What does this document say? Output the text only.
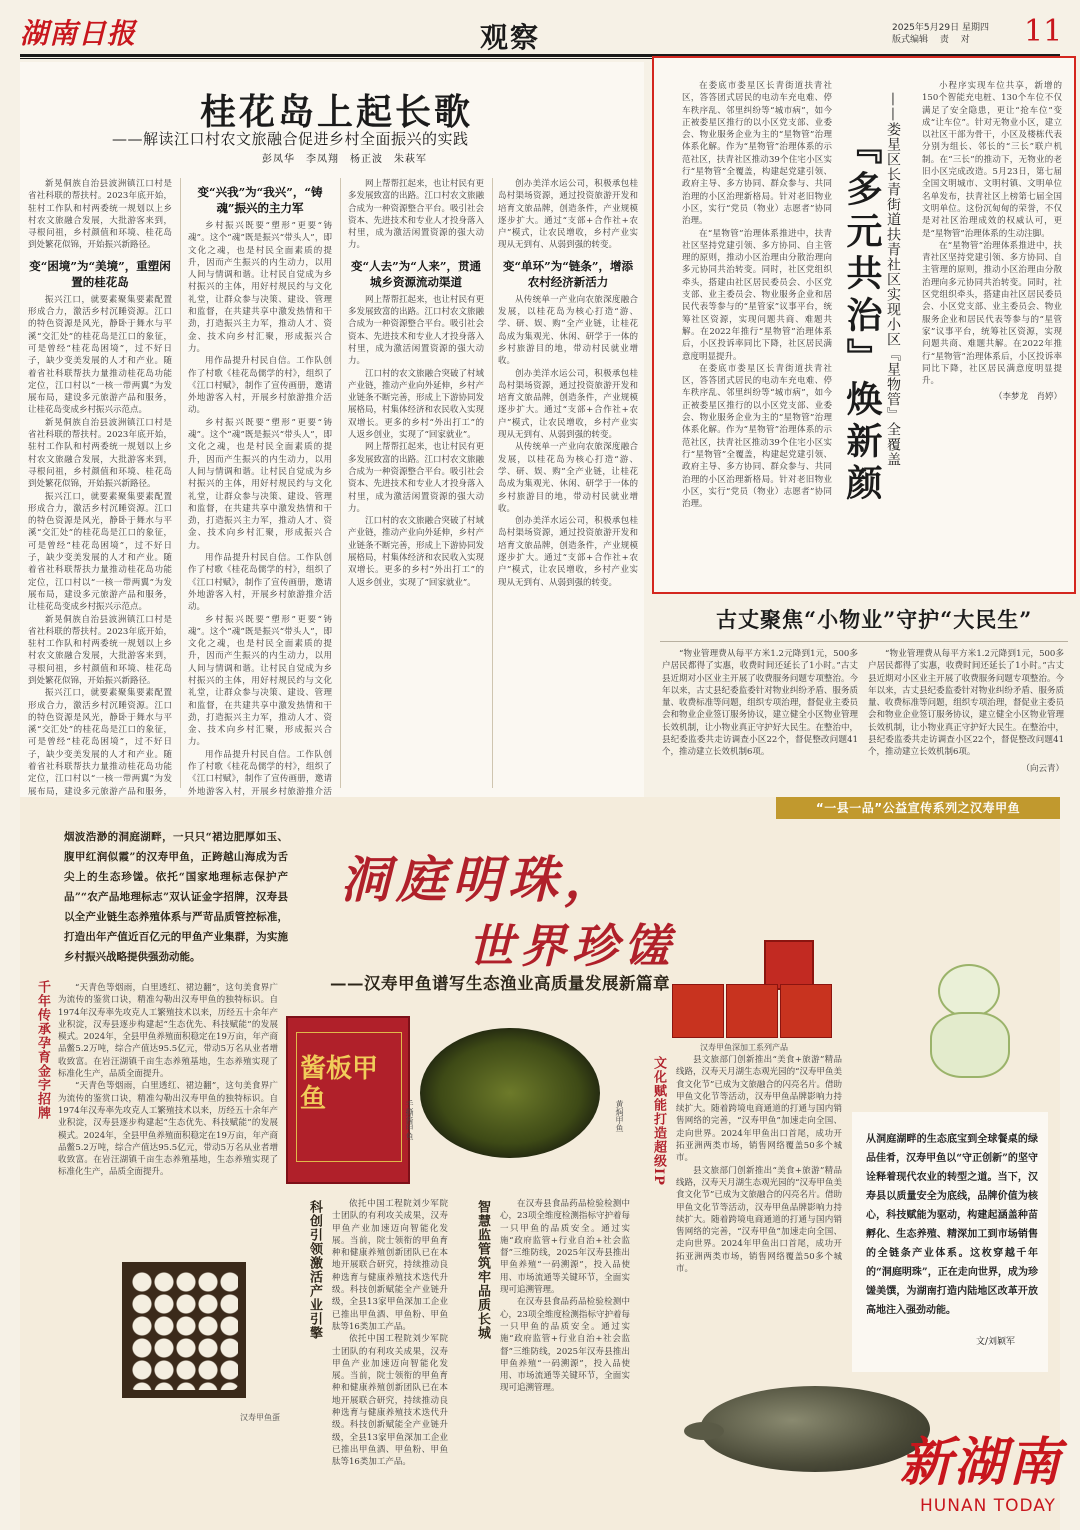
湖南日报	观察	2025年5月29日 星期四
版式编辑 　责 　对	11
桂花岛上起长歌
——解读江口村农文旅融合促进乡村全面振兴的实践
彭凤华　李凤翔　杨正波　朱萩军

新晃侗族自治县波洲镇江口村是省社科联的帮扶村。2023年底开始，驻村工作队和村两委统一规划以上乡村农文旅融合发展，大批游客来到，寻根问祖，乡村颜值和环境、桂花岛到处繁花似锦，开始振兴新路径。

变“困境”为“美境”，重塑闲置的桂花岛

振兴江口，就要素聚集要素配置形成合力，激活乡村沉睡资源。江口的特色资源是风光，静卧于舞水与平溪“交汇处”的桂花岛是江口的象征，可是曾经“桂花岛困境”，过不好日子，缺少变美发展的人才和产业。随着省社科联帮扶力量推动桂花岛功能定位，江口村以“一核一带两翼”为发展布局，建设多元旅游产品和服务，让桂花岛变成乡村振兴示范点。

新晃侗族自治县波洲镇江口村是省社科联的帮扶村。2023年底开始，驻村工作队和村两委统一规划以上乡村农文旅融合发展，大批游客来到，寻根问祖，乡村颜值和环境、桂花岛到处繁花似锦，开始振兴新路径。

振兴江口，就要素聚集要素配置形成合力，激活乡村沉睡资源。江口的特色资源是风光，静卧于舞水与平溪“交汇处”的桂花岛是江口的象征，可是曾经“桂花岛困境”，过不好日子，缺少变美发展的人才和产业。随着省社科联帮扶力量推动桂花岛功能定位，江口村以“一核一带两翼”为发展布局，建设多元旅游产品和服务，让桂花岛变成乡村振兴示范点。

新晃侗族自治县波洲镇江口村是省社科联的帮扶村。2023年底开始，驻村工作队和村两委统一规划以上乡村农文旅融合发展，大批游客来到，寻根问祖，乡村颜值和环境、桂花岛到处繁花似锦，开始振兴新路径。

振兴江口，就要素聚集要素配置形成合力，激活乡村沉睡资源。江口的特色资源是风光，静卧于舞水与平溪“交汇处”的桂花岛是江口的象征，可是曾经“桂花岛困境”，过不好日子，缺少变美发展的人才和产业。随着省社科联帮扶力量推动桂花岛功能定位，江口村以“一核一带两翼”为发展布局，建设多元旅游产品和服务，

变“兴我”为“我兴”，“铸魂”振兴的主力军

乡村振兴既要“塑形”更要“铸魂”。这个“魂”既是振兴“带头人”，即文化之魂，也是村民全面素质的提升，因而产生振兴的内生动力，以用人间与情调和谐。让村民自觉成为乡村振兴的主体，用好村规民约与文化礼堂，让群众参与决策、建设、管理和监督，在共建共享中激发热情和干劲，打造振兴主力军，推动人才、资金、技术向乡村汇聚，形成振兴合力。

用作品提升村民自信。工作队创作了村歌《桂花岛儒学的村》，组织了《江口村赋》，制作了宣传画册，邀请外地游客入村，开展乡村旅游推介活动。

乡村振兴既要“塑形”更要“铸魂”。这个“魂”既是振兴“带头人”，即文化之魂，也是村民全面素质的提升，因而产生振兴的内生动力，以用人间与情调和谐。让村民自觉成为乡村振兴的主体，用好村规民约与文化礼堂，让群众参与决策、建设、管理和监督，在共建共享中激发热情和干劲，打造振兴主力军，推动人才、资金、技术向乡村汇聚，形成振兴合力。

用作品提升村民自信。工作队创作了村歌《桂花岛儒学的村》，组织了《江口村赋》，制作了宣传画册，邀请外地游客入村，开展乡村旅游推介活动。

乡村振兴既要“塑形”更要“铸魂”。这个“魂”既是振兴“带头人”，即文化之魂，也是村民全面素质的提升，因而产生振兴的内生动力，以用人间与情调和谐。让村民自觉成为乡村振兴的主体，用好村规民约与文化礼堂，让群众参与决策、建设、管理和监督，在共建共享中激发热情和干劲，打造振兴主力军，推动人才、资金、技术向乡村汇聚，形成振兴合力。

用作品提升村民自信。工作队创作了村歌《桂花岛儒学的村》，组织了《江口村赋》，制作了宣传画册，邀请外地游客入村，开展乡村旅游推介活

网上帮帮扛起来，也让村民有更多发展致富的出路。江口村农文旅融合成为一种资源整合平台。吸引社会资本、先进技术和专业人才投身落入村里，成为激活闲置资源的强大动力。

变“人去”为“人来”，贯通城乡资源流动渠道

网上帮帮扛起来，也让村民有更多发展致富的出路。江口村农文旅融合成为一种资源整合平台。吸引社会资本、先进技术和专业人才投身落入村里，成为激活闲置资源的强大动力。

江口村的农文旅融合突破了村域产业链，推动产业向外延伸，乡村产业链条不断完善，形成上下游协同发展格局，村集体经济和农民收入实现双增长。更多的乡村“外出打工”的人返乡创业，实现了“回家就业”。

网上帮帮扛起来，也让村民有更多发展致富的出路。江口村农文旅融合成为一种资源整合平台。吸引社会资本、先进技术和专业人才投身落入村里，成为激活闲置资源的强大动力。

江口村的农文旅融合突破了村域产业链，推动产业向外延伸，乡村产业链条不断完善，形成上下游协同发展格局，村集体经济和农民收入实现双增长。更多的乡村“外出打工”的人返乡创业，实现了“回家就业”。

创办美洋水运公司，积极承包桂岛村渠场资源，通过投资旅游开发和培育文旅品牌，创造条件，产业规模逐步扩大。通过“支部+合作社+农户”模式，让农民增收，乡村产业实现从无到有、从弱到强的转变。

变“单环”为“链条”，增添农村经济新活力

从传统单一产业向农旅深度融合发展，以桂花岛为核心打造“游、学、研、娱、购”全产业链，让桂花岛成为集观光、休闲、研学于一体的乡村旅游目的地，带动村民就业增收。

创办美洋水运公司，积极承包桂岛村渠场资源，通过投资旅游开发和培育文旅品牌，创造条件，产业规模逐步扩大。通过“支部+合作社+农户”模式，让农民增收，乡村产业实现从无到有、从弱到强的转变。

从传统单一产业向农旅深度融合发展，以桂花岛为核心打造“游、学、研、娱、购”全产业链，让桂花岛成为集观光、休闲、研学于一体的乡村旅游目的地，带动村民就业增收。

创办美洋水运公司，积极承包桂岛村渠场资源，通过投资旅游开发和培育文旅品牌，创造条件，产业规模逐步扩大。通过“支部+合作社+农户”模式，让农民增收，乡村产业实现从无到有、从弱到强的转变。

在娄底市娄星区长青街道扶青社区，答答团式居民的电动车充电难、停车秩序乱、邻里纠纷等“城市病”，如今正被娄星区推行的以小区党支部、业委会、物业服务企业为主的“星物管”治理体系化解。作为“星物管”治理体系的示范社区，扶青社区推动39个住宅小区实行“星物管”全覆盖，构建起党建引领、政府主导、多方协同、群众参与、共同治理的小区治理新格局。针对老旧物业小区，实行“党员（物业）志愿者”协同治理。

在“星物管”治理体系推进中，扶青社区坚持党建引领、多方协同、自主管理的原则，推动小区治理由分散治理向多元协同共治转变。同时，社区党组织牵头，搭建由社区居民委员会、小区党支部、业主委员会、物业服务企业和居民代表等参与的“星管家”议事平台，统筹社区资源，实现问题共商、难题共解。在2022年推行“星物管”治理体系后，小区投诉率同比下降，社区居民满意度明显提升。

在娄底市娄星区长青街道扶青社区，答答团式居民的电动车充电难、停车秩序乱、邻里纠纷等“城市病”，如今正被娄星区推行的以小区党支部、业委会、物业服务企业为主的“星物管”治理体系化解。作为“星物管”治理体系的示范社区，扶青社区推动39个住宅小区实行“星物管”全覆盖，构建起党建引领、政府主导、多方协同、群众参与、共同治理的小区治理新格局。针对老旧物业小区，实行“党员（物业）志愿者”协同治理。	『多元共治』焕新颜 ——娄星区长青街道扶青社区实现小区『星物管』全覆盖

小程序实现车位共享，新增的150个智能充电桩、130个车位不仅满足了安全隐患，更让“抢车位”变成“让车位”。针对无物业小区，建立以社区干部为骨干，小区及楼栋代表分别为组长、邻长的“三长”联户机制。在“三长”的推动下，无物业的老旧小区完成改造。5月23日，第七届全国文明城市、文明村镇、文明单位名单发布，扶青社区上榜第七届全国文明单位。这份沉甸甸的荣誉，不仅是对社区治理成效的权威认可，更是“星物管”治理体系的生动注脚。

在“星物管”治理体系推进中，扶青社区坚持党建引领、多方协同、自主管理的原则，推动小区治理由分散治理向多元协同共治转变。同时，社区党组织牵头，搭建由社区居民委员会、小区党支部、业主委员会、物业服务企业和居民代表等参与的“星管家”议事平台，统筹社区资源，实现问题共商、难题共解。在2022年推行“星物管”治理体系后，小区投诉率同比下降，社区居民满意度明显提升。

（李梦龙　肖婷）
古丈聚焦“小物业”守护“大民生”

“物业管理费从每平方米1.2元降到1元，500多户居民都得了实惠，收费时间还延长了1小时。”古丈县近期对小区业主开展了收费服务问题专项整治。今年以来，古丈县纪委监委针对物业纠纷矛盾、服务质量、收费标准等问题，组织专项治理，督促业主委员会和物业企业签订服务协议，建立健全小区物业管理长效机制，让小物业真正守护好大民生。在整治中，县纪委监委共走访调查小区22个，督促整改问题41个，推动建立长效机制6项。

“物业管理费从每平方米1.2元降到1元，500多户居民都得了实惠，收费时间还延长了1小时。”古丈县近期对小区业主开展了收费服务问题专项整治。今年以来，古丈县纪委监委针对物业纠纷矛盾、服务质量、收费标准等问题，组织专项治理，督促业主委员会和物业企业签订服务协议，建立健全小区物业管理长效机制，让小物业真正守护好大民生。在整治中，县纪委监委共走访调查小区22个，督促整改问题41个，推动建立长效机制6项。

（向云青）
“一县一品”公益宣传系列之汉寿甲鱼
烟波浩渺的洞庭湖畔，一只只“裙边肥厚如玉、腹甲红润似霞”的汉寿甲鱼，正跨越山海成为舌尖上的生态珍馐。依托“国家地理标志保护产品”“农产品地理标志”双认证金字招牌，汉寿县以全产业链生态养殖体系与严苛品质管控标准，打造出年产值近百亿元的甲鱼产业集群，为实施乡村振兴战略提供强劲动能。
洞庭明珠，
世界珍馐
——汉寿甲鱼谱写生态渔业高质量发展新篇章
千年传承孕育金字招牌	“天青色等烟雨，白里透红、裙边翻”，这句美食界广为流传的鉴赏口诀，精准勾勒出汉寿甲鱼的独特标识。自1974年汉寿率先攻克人工繁殖技术以来，历经五十余年产业积淀，汉寿县逐步构建起“生态优先、科技赋能”的发展模式。2024年，全县甲鱼养殖面积稳定在19万亩，年产商品鳖5.2万吨，综合产值达95.5亿元，带动5万名从业者增收致富。在岩汪湖镇千亩生态养殖基地，生态养殖实现了标准化生产，品质全面提升。

“天青色等烟雨，白里透红、裙边翻”，这句美食界广为流传的鉴赏口诀，精准勾勒出汉寿甲鱼的独特标识。自1974年汉寿率先攻克人工繁殖技术以来，历经五十余年产业积淀，汉寿县逐步构建起“生态优先、科技赋能”的发展模式。2024年，全县甲鱼养殖面积稳定在19万亩，年产商品鳖5.2万吨，综合产值达95.5亿元，带动5万名从业者增收致富。在岩汪湖镇千亩生态养殖基地，生态养殖实现了标准化生产，品质全面提升。

酱板甲鱼
手撕酱甲鱼	黄焖甲鱼
汉寿甲鱼深加工系列产品
汉寿甲鱼蛋
科创引领激活产业引擎	依托中国工程院刘少军院士团队的有利攻关成果，汉寿甲鱼产业加速迈向智能化发展。当前，院士领衔的甲鱼育种和健康养殖创新团队已在本地开展联合研究，持续推动良种选育与健康养殖技术迭代升级。科技创新赋能全产业链升级，全县13家甲鱼深加工企业已推出甲鱼酒、甲鱼粉、甲鱼肽等16类加工产品。

依托中国工程院刘少军院士团队的有利攻关成果，汉寿甲鱼产业加速迈向智能化发展。当前，院士领衔的甲鱼育种和健康养殖创新团队已在本地开展联合研究，持续推动良种选育与健康养殖技术迭代升级。科技创新赋能全产业链升级，全县13家甲鱼深加工企业已推出甲鱼酒、甲鱼粉、甲鱼肽等16类加工产品。

智慧监管筑牢品质长城	在汉寿县食品药品检验检测中心，23项全维度检测指标守护着每一只甲鱼的品质安全。通过实施“政府监管+行业自治+社会监督”三维防线，2025年汉寿县推出甲鱼养殖“一码溯源”，投入品使用、市场流通等关键环节，全面实现可追溯管理。

在汉寿县食品药品检验检测中心，23项全维度检测指标守护着每一只甲鱼的品质安全。通过实施“政府监管+行业自治+社会监督”三维防线，2025年汉寿县推出甲鱼养殖“一码溯源”，投入品使用、市场流通等关键环节，全面实现可追溯管理。

文化赋能打造超级IP	县文旅部门创新推出“美食+旅游”精品线路，汉寿天月湖生态观光园的“汉寿甲鱼美食文化节”已成为文旅融合的闪亮名片。借助甲鱼文化节等活动，汉寿甲鱼品牌影响力持续扩大。随着跨境电商通道的打通与国内销售网络的完善，“汉寿甲鱼”加速走向全国、走向世界。2024年甲鱼出口首尾，成功开拓亚洲两类市场，销售网络覆盖50多个城市。

县文旅部门创新推出“美食+旅游”精品线路，汉寿天月湖生态观光园的“汉寿甲鱼美食文化节”已成为文旅融合的闪亮名片。借助甲鱼文化节等活动，汉寿甲鱼品牌影响力持续扩大。随着跨境电商通道的打通与国内销售网络的完善，“汉寿甲鱼”加速走向全国、走向世界。2024年甲鱼出口首尾，成功开拓亚洲两类市场，销售网络覆盖50多个城市。

从洞庭湖畔的生态底宝到全球餐桌的绿品佳肴，汉寿甲鱼以“守正创新”的坚守诠释着现代农业的转型之道。当下，汉寿县以质量安全为底线，品牌价值为核心，科技赋能为驱动，构建起涵盖种苗孵化、生态养殖、精深加工到市场销售的全链条产业体系。这枚穿越千年的“洞庭明珠”，正在走向世界，成为珍馐美馔，为湖南打造内陆地区改革开放高地注入强劲动能。
文/刘颖军
新湖南
HUNAN TODAY
